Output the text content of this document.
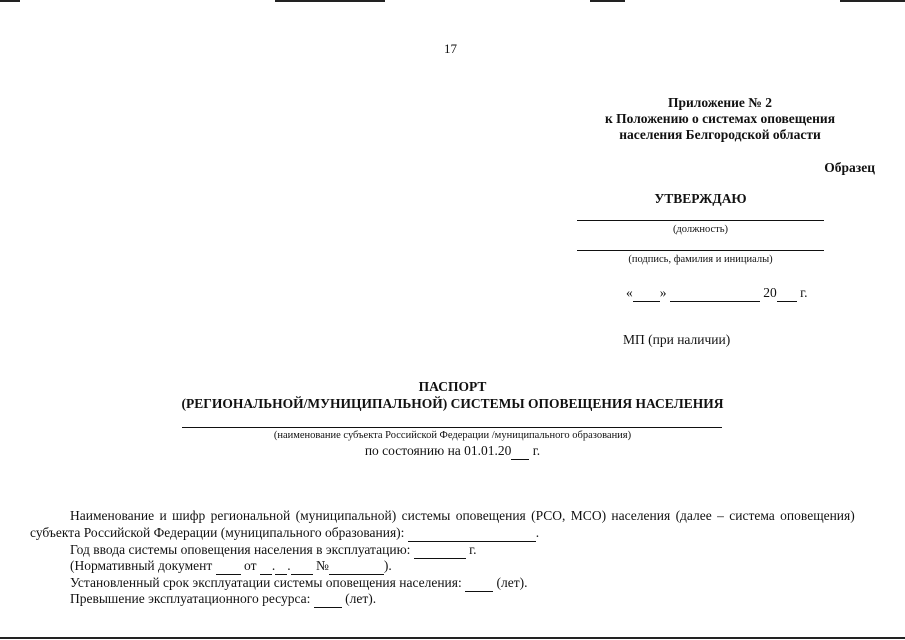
17
Приложение № 2
к Положению о системах оповещения
населения Белгородской области
Образец
УТВЕРЖДАЮ
(должность)
(подпись, фамилия и инициалы)
« »	20 г.
МП (при наличии)
ПАСПОРТ
(РЕГИОНАЛЬНОЙ/МУНИЦИПАЛЬНОЙ) СИСТЕМЫ ОПОВЕЩЕНИЯ НАСЕЛЕНИЯ
(наименование субъекта Российской Федерации /муниципального образования)
по состоянию на 01.01.20 г.
Наименование и шифр региональной (муниципальной) системы оповещения (РСО, МСО) населения (далее – система оповещения)
субъекта Российской Федерации (муниципального образования):	.
Год ввода системы оповещения населения в эксплуатацию:	г.
(Нормативный документ от . . №	).
Установленный срок эксплуатации системы оповещения населения:	(лет).
Превышение эксплуатационного ресурса:	(лет).
